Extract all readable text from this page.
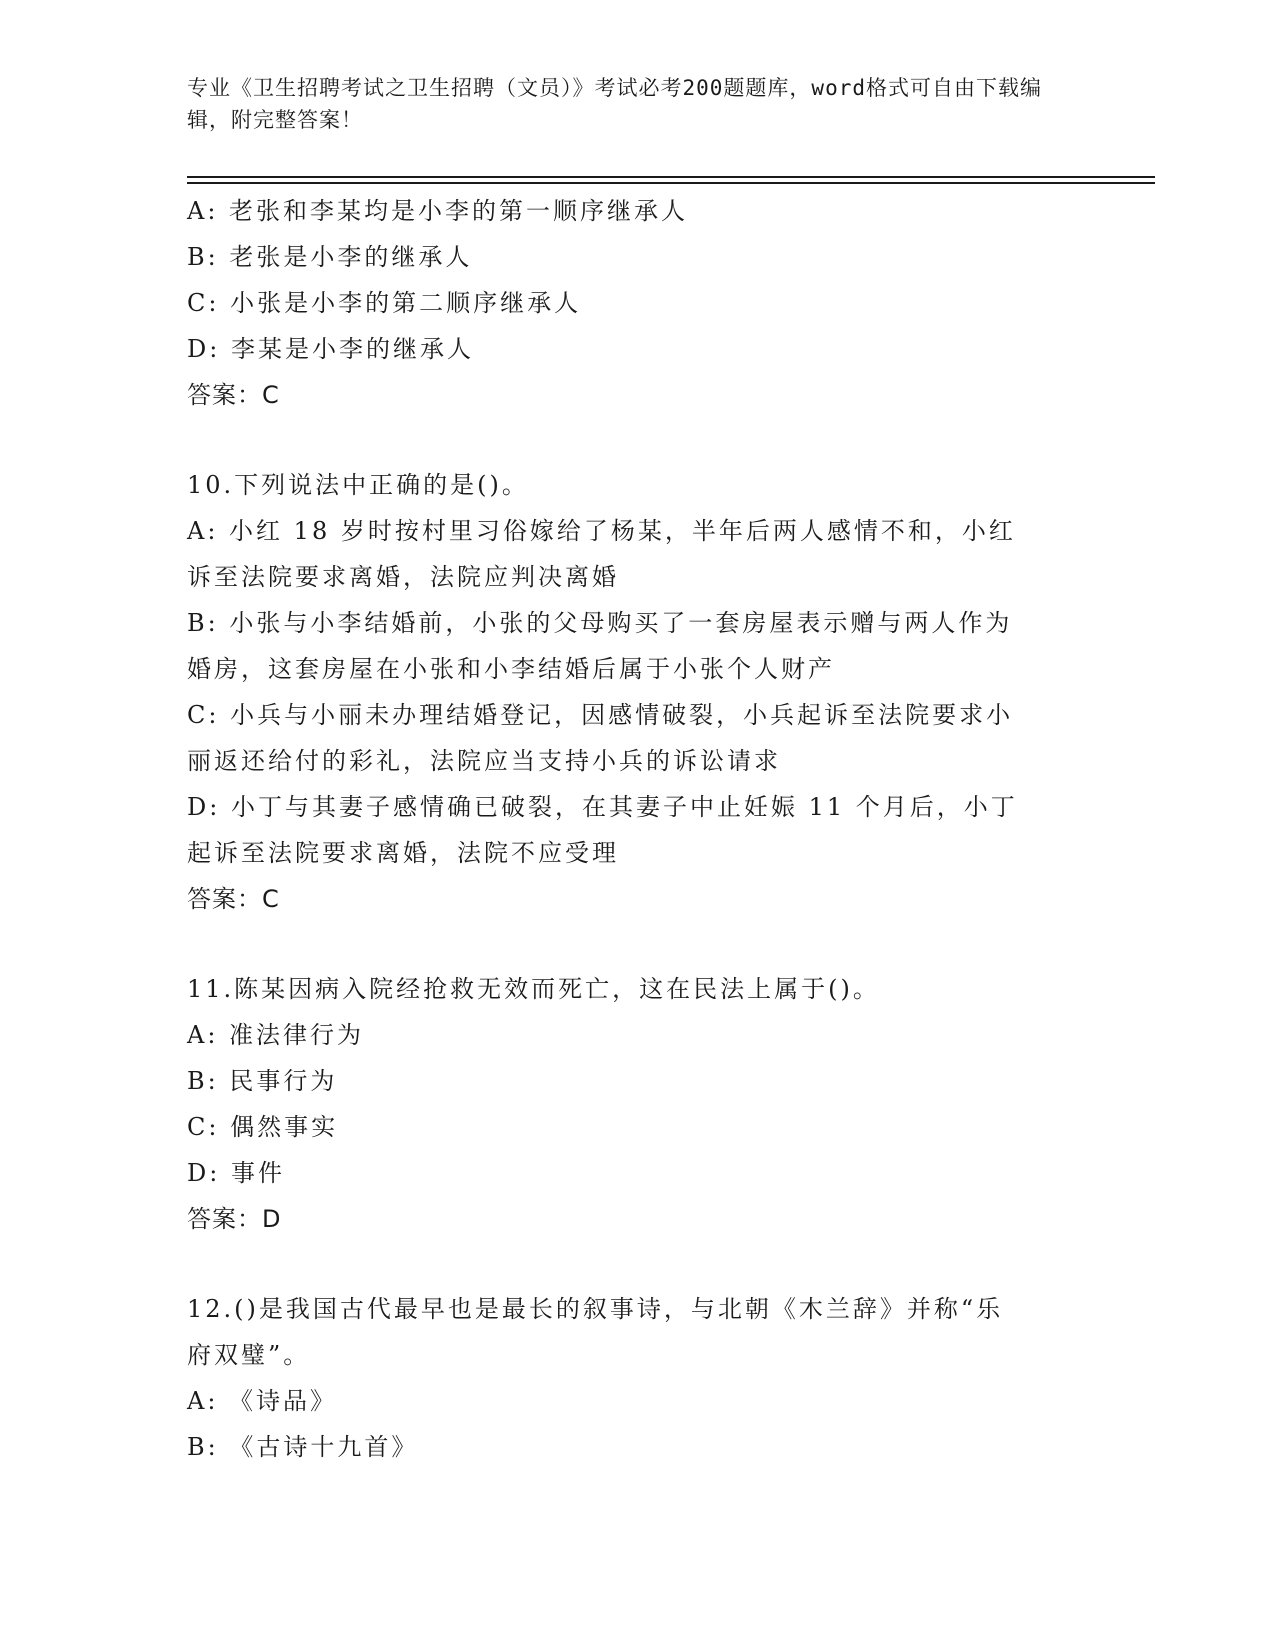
专业《卫生招聘考试之卫生招聘（文员）》考试必考200题题库，word格式可自由下载编辑，附完整答案！
A: 老张和李某均是小李的第一顺序继承人
B: 老张是小李的继承人
C: 小张是小李的第二顺序继承人
D: 李某是小李的继承人
答案：C
10.下列说法中正确的是()。
A: 小红 18 岁时按村里习俗嫁给了杨某，半年后两人感情不和，小红
诉至法院要求离婚，法院应判决离婚
B: 小张与小李结婚前，小张的父母购买了一套房屋表示赠与两人作为
婚房，这套房屋在小张和小李结婚后属于小张个人财产
C: 小兵与小丽未办理结婚登记，因感情破裂，小兵起诉至法院要求小
丽返还给付的彩礼，法院应当支持小兵的诉讼请求
D: 小丁与其妻子感情确已破裂，在其妻子中止妊娠 11 个月后，小丁
起诉至法院要求离婚，法院不应受理
答案：C
11.陈某因病入院经抢救无效而死亡，这在民法上属于()。
A: 准法律行为
B: 民事行为
C: 偶然事实
D: 事件
答案：D
12.()是我国古代最早也是最长的叙事诗，与北朝《木兰辞》并称“乐
府双璧”。
A: 《诗品》
B: 《古诗十九首》
